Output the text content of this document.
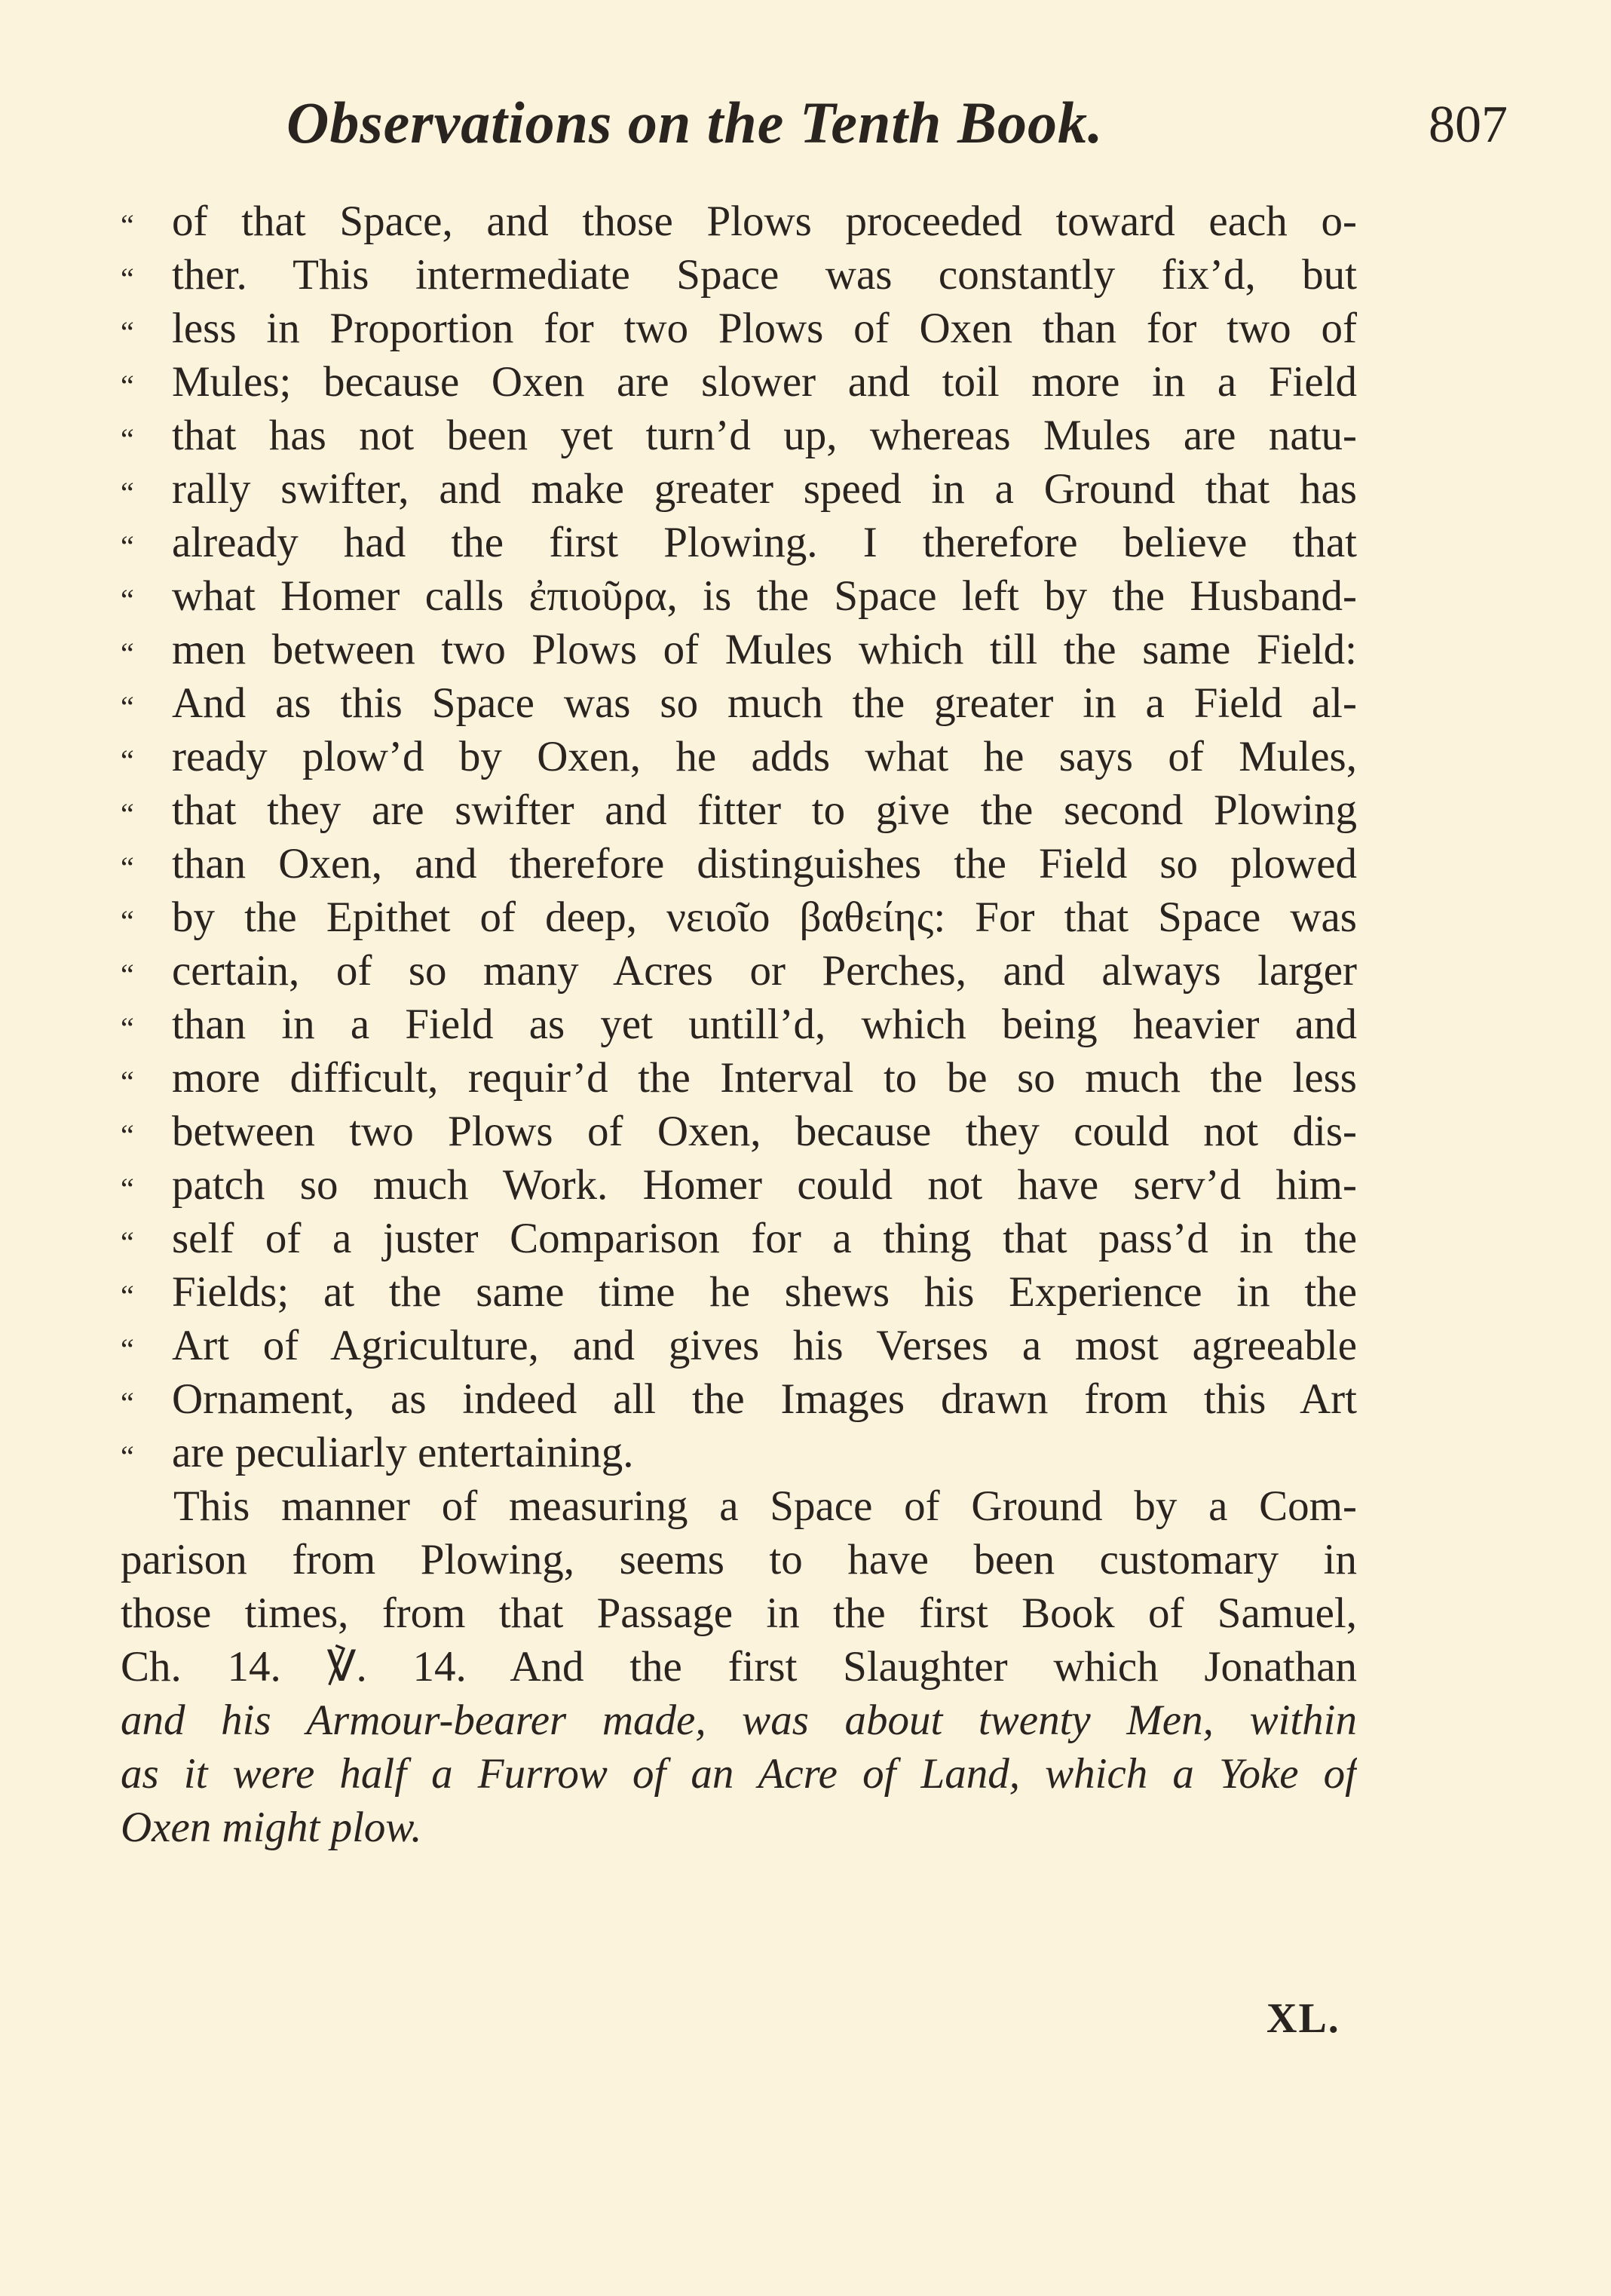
Observations on the Tenth Book.	807
“ of that Space, and those Plows proceeded toward each o-
“ ther. This intermediate Space was constantly fix’d, but
“ less in Proportion for two Plows of Oxen than for two of
“ Mules; because Oxen are slower and toil more in a Field
“ that has not been yet turn’d up, whereas Mules are natu-
“ rally swifter, and make greater speed in a Ground that has
“ already had the first Plowing. I therefore believe that
“ what Homer calls ἐπιοῦρα, is the Space left by the Husband-
“ men between two Plows of Mules which till the same Field:
“ And as this Space was so much the greater in a Field al-
“ ready plow’d by Oxen, he adds what he says of Mules,
“ that they are swifter and fitter to give the second Plowing
“ than Oxen, and therefore distinguishes the Field so plowed
“ by the Epithet of deep, νειοῖο βαθείης: For that Space was
“ certain, of so many Acres or Perches, and always larger
“ than in a Field as yet untill’d, which being heavier and
“ more difficult, requir’d the Interval to be so much the less
“ between two Plows of Oxen, because they could not dis-
“ patch so much Work. Homer could not have serv’d him-
“ self of a juster Comparison for a thing that pass’d in the
“ Fields; at the same time he shews his Experience in the
“ Art of Agriculture, and gives his Verses a most agreeable
“ Ornament, as indeed all the Images drawn from this Art
“ are peculiarly entertaining.
This manner of measuring a Space of Ground by a Com-
parison from Plowing, seems to have been customary in
those times, from that Passage in the first Book of Samuel,
Ch. 14. ℣. 14. And the first Slaughter which Jonathan
and his Armour-bearer made, was about twenty Men, within
as it were half a Furrow of an Acre of Land, which a Yoke of
Oxen might plow.
XL.
